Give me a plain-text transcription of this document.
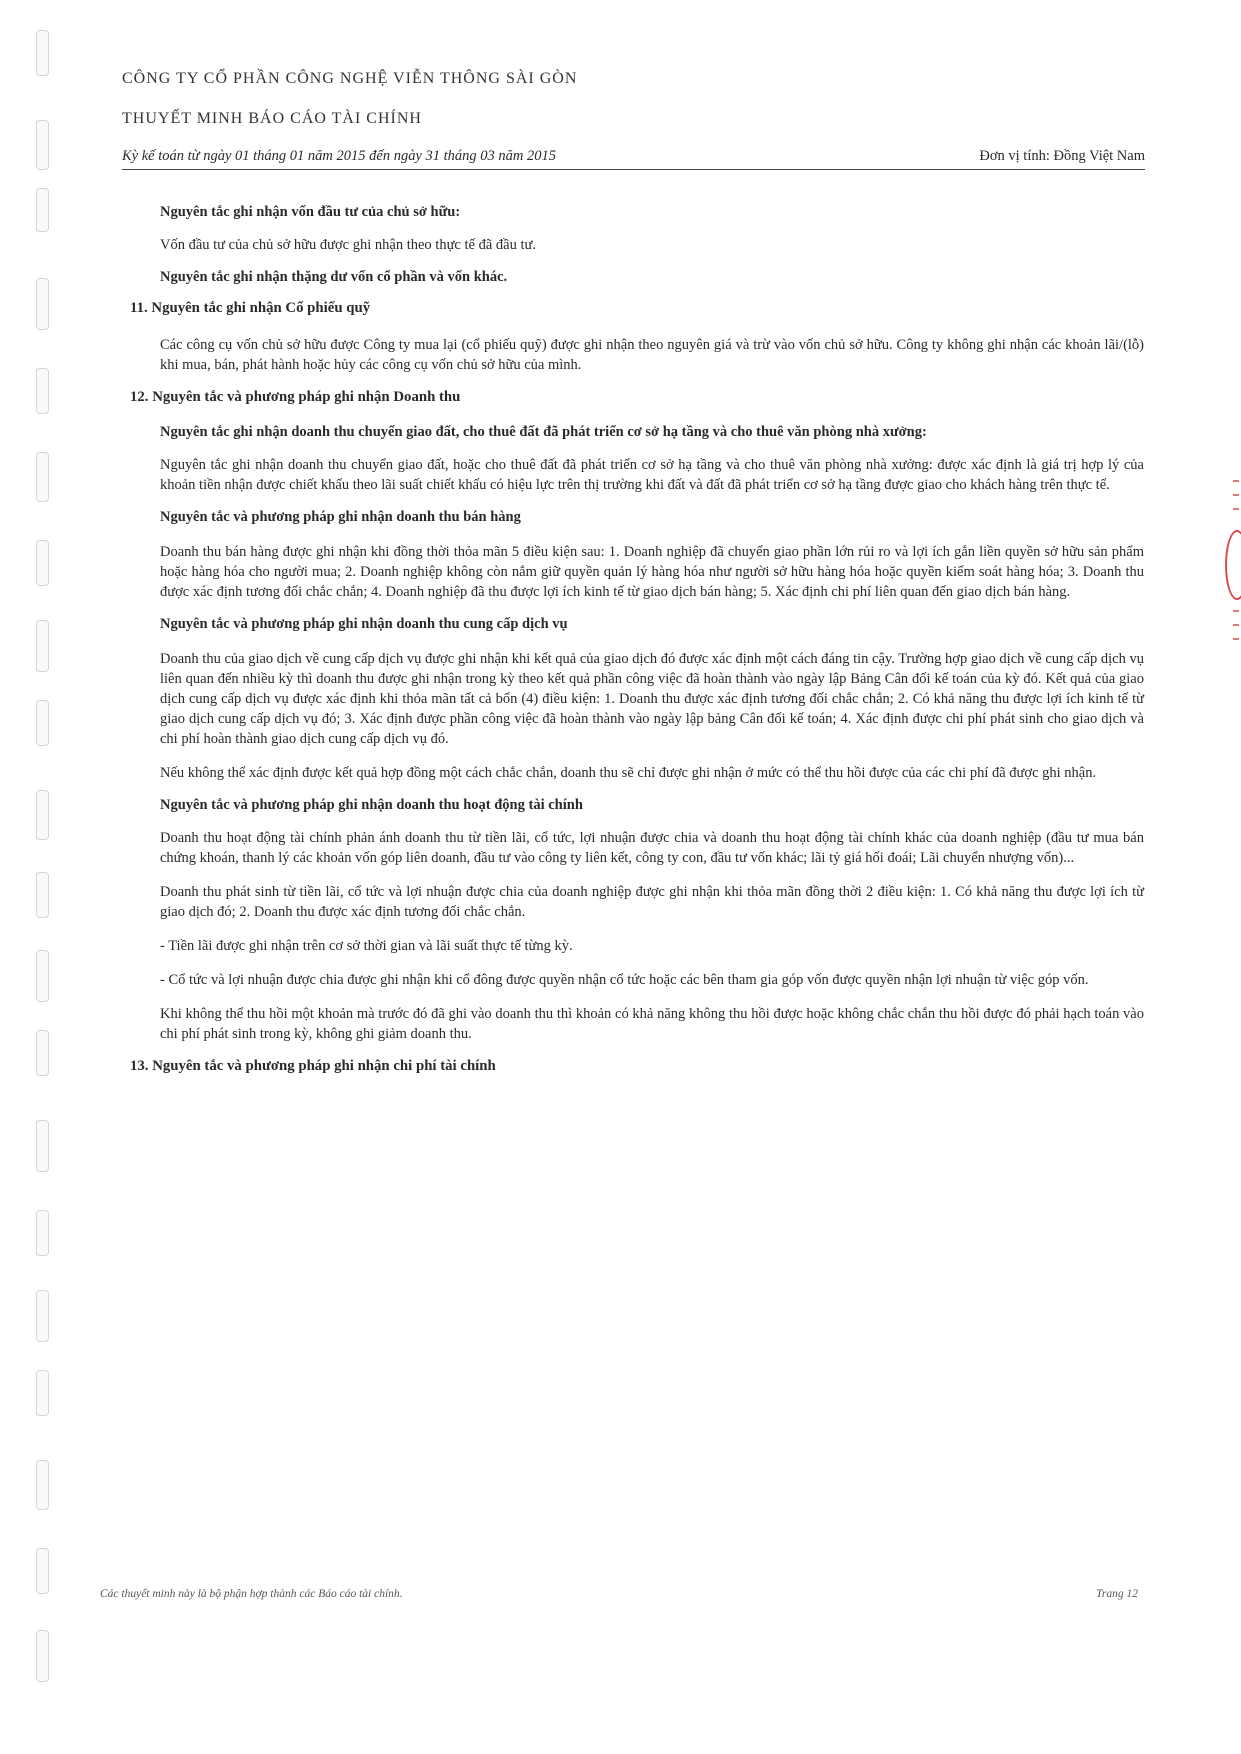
CÔNG TY CỔ PHẦN CÔNG NGHỆ VIỄN THÔNG SÀI GÒN
THUYẾT MINH BÁO CÁO TÀI CHÍNH
Kỳ kế toán từ ngày 01 tháng 01 năm 2015 đến ngày 31 tháng 03 năm 2015	Đơn vị tính: Đồng Việt Nam
Nguyên tắc ghi nhận vốn đầu tư của chủ sở hữu:
Vốn đầu tư của chủ sở hữu được ghi nhận theo thực tế đã đầu tư.
Nguyên tắc ghi nhận thặng dư vốn cổ phần và vốn khác.
11. Nguyên tắc ghi nhận Cổ phiếu quỹ
Các công cụ vốn chủ sở hữu được Công ty mua lại (cổ phiếu quỹ) được ghi nhận theo nguyên giá và trừ vào vốn chủ sở hữu. Công ty không ghi nhận các khoản lãi/(lỗ) khi mua, bán, phát hành hoặc hủy các công cụ vốn chủ sở hữu của mình.
12. Nguyên tắc và phương pháp ghi nhận Doanh thu
Nguyên tắc ghi nhận doanh thu chuyển giao đất, cho thuê đất đã phát triển cơ sở hạ tầng và cho thuê văn phòng nhà xưởng:
Nguyên tắc ghi nhận doanh thu chuyển giao đất, hoặc cho thuê đất đã phát triển cơ sở hạ tầng và cho thuê văn phòng nhà xưởng: được xác định là giá trị hợp lý của khoản tiền nhận được chiết khấu theo lãi suất chiết khấu có hiệu lực trên thị trường khi đất và đất đã phát triển cơ sở hạ tầng được giao cho khách hàng trên thực tế.
Nguyên tắc và phương pháp ghi nhận doanh thu bán hàng
Doanh thu bán hàng được ghi nhận khi đồng thời thỏa mãn 5 điều kiện sau: 1. Doanh nghiệp đã chuyển giao phần lớn rủi ro và lợi ích gắn liền quyền sở hữu sản phẩm hoặc hàng hóa cho người mua; 2. Doanh nghiệp không còn nắm giữ quyền quản lý hàng hóa như người sở hữu hàng hóa hoặc quyền kiểm soát hàng hóa; 3. Doanh thu được xác định tương đối chắc chắn; 4. Doanh nghiệp đã thu được lợi ích kinh tế từ giao dịch bán hàng; 5. Xác định chi phí liên quan đến giao dịch bán hàng.
Nguyên tắc và phương pháp ghi nhận doanh thu cung cấp dịch vụ
Doanh thu của giao dịch về cung cấp dịch vụ được ghi nhận khi kết quả của giao dịch đó được xác định một cách đáng tin cậy. Trường hợp giao dịch về cung cấp dịch vụ liên quan đến nhiều kỳ thì doanh thu được ghi nhận trong kỳ theo kết quả phần công việc đã hoàn thành vào ngày lập Bảng Cân đối kế toán của kỳ đó. Kết quả của giao dịch cung cấp dịch vụ được xác định khi thỏa mãn tất cả bốn (4) điều kiện: 1. Doanh thu được xác định tương đối chắc chắn; 2. Có khả năng thu được lợi ích kinh tế từ giao dịch cung cấp dịch vụ đó; 3. Xác định được phần công việc đã hoàn thành vào ngày lập bảng Cân đối kế toán; 4. Xác định được chi phí phát sinh cho giao dịch và chi phí hoàn thành giao dịch cung cấp dịch vụ đó.
Nếu không thể xác định được kết quả hợp đồng một cách chắc chắn, doanh thu sẽ chỉ được ghi nhận ở mức có thể thu hồi được của các chi phí đã được ghi nhận.
Nguyên tắc và phương pháp ghi nhận doanh thu hoạt động tài chính
Doanh thu hoạt động tài chính phản ánh doanh thu từ tiền lãi, cổ tức, lợi nhuận được chia và doanh thu hoạt động tài chính khác của doanh nghiệp (đầu tư mua bán chứng khoán, thanh lý các khoản vốn góp liên doanh, đầu tư vào công ty liên kết, công ty con, đầu tư vốn khác; lãi tỷ giá hối đoái; Lãi chuyển nhượng vốn)...
Doanh thu phát sinh từ tiền lãi, cổ tức và lợi nhuận được chia của doanh nghiệp được ghi nhận khi thỏa mãn đồng thời 2 điều kiện: 1. Có khả năng thu được lợi ích từ giao dịch đó; 2. Doanh thu được xác định tương đối chắc chắn.
- Tiền lãi được ghi nhận trên cơ sở thời gian và lãi suất thực tế từng kỳ.
- Cổ tức và lợi nhuận được chia được ghi nhận khi cổ đông được quyền nhận cổ tức hoặc các bên tham gia góp vốn được quyền nhận lợi nhuận từ việc góp vốn.
Khi không thể thu hồi một khoản mà trước đó đã ghi vào doanh thu thì khoản có khả năng không thu hồi được hoặc không chắc chắn thu hồi được đó phải hạch toán vào chi phí phát sinh trong kỳ, không ghi giảm doanh thu.
13. Nguyên tắc và phương pháp ghi nhận chi phí tài chính
Các thuyết minh này là bộ phận hợp thành các Báo cáo tài chính.	Trang 12
